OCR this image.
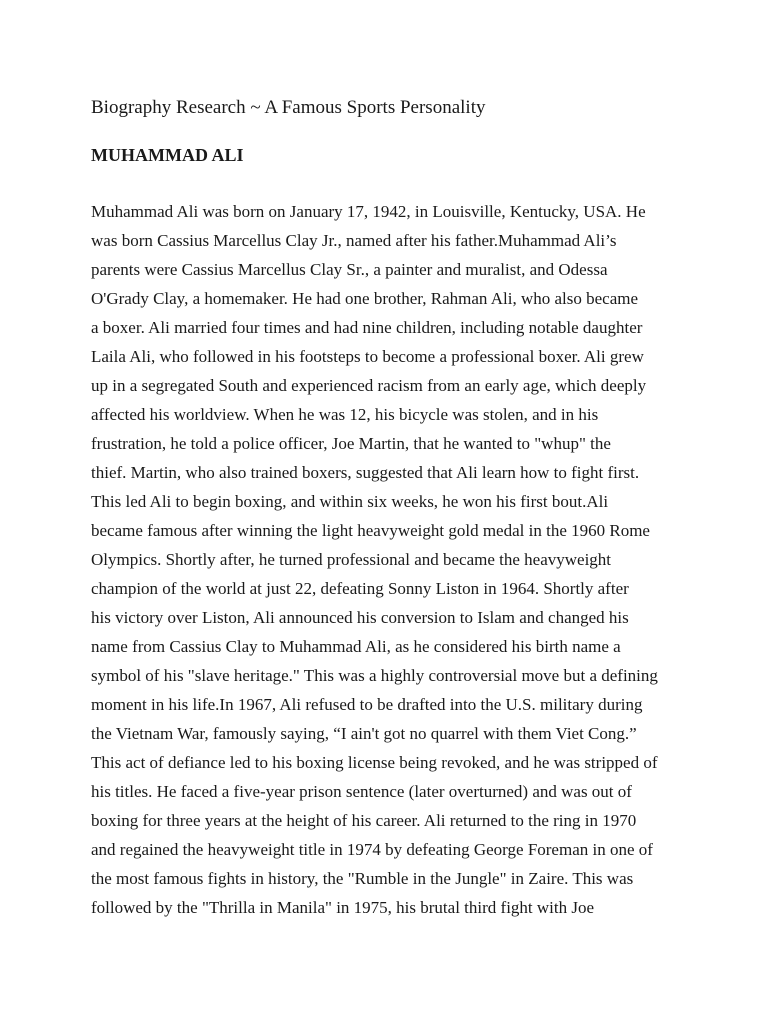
Biography Research ~ A Famous Sports Personality
MUHAMMAD ALI

Muhammad Ali was born on January 17, 1942, in Louisville, Kentucky, USA. He
was born Cassius Marcellus Clay Jr., named after his father.Muhammad Ali’s
parents were Cassius Marcellus Clay Sr., a painter and muralist, and Odessa
O'Grady Clay, a homemaker. He had one brother, Rahman Ali, who also became
a boxer. Ali married four times and had nine children, including notable daughter
Laila Ali, who followed in his footsteps to become a professional boxer. Ali grew
up in a segregated South and experienced racism from an early age, which deeply
affected his worldview. When he was 12, his bicycle was stolen, and in his
frustration, he told a police officer, Joe Martin, that he wanted to "whup" the
thief. Martin, who also trained boxers, suggested that Ali learn how to fight first.
This led Ali to begin boxing, and within six weeks, he won his first bout.Ali
became famous after winning the light heavyweight gold medal in the 1960 Rome
Olympics. Shortly after, he turned professional and became the heavyweight
champion of the world at just 22, defeating Sonny Liston in 1964. Shortly after
his victory over Liston, Ali announced his conversion to Islam and changed his
name from Cassius Clay to Muhammad Ali, as he considered his birth name a
symbol of his "slave heritage." This was a highly controversial move but a defining
moment in his life.In 1967, Ali refused to be drafted into the U.S. military during
the Vietnam War, famously saying, “I ain't got no quarrel with them Viet Cong.”
This act of defiance led to his boxing license being revoked, and he was stripped of
his titles. He faced a five-year prison sentence (later overturned) and was out of
boxing for three years at the height of his career. Ali returned to the ring in 1970
and regained the heavyweight title in 1974 by defeating George Foreman in one of
the most famous fights in history, the "Rumble in the Jungle" in Zaire. This was
followed by the "Thrilla in Manila" in 1975, his brutal third fight with Joe
